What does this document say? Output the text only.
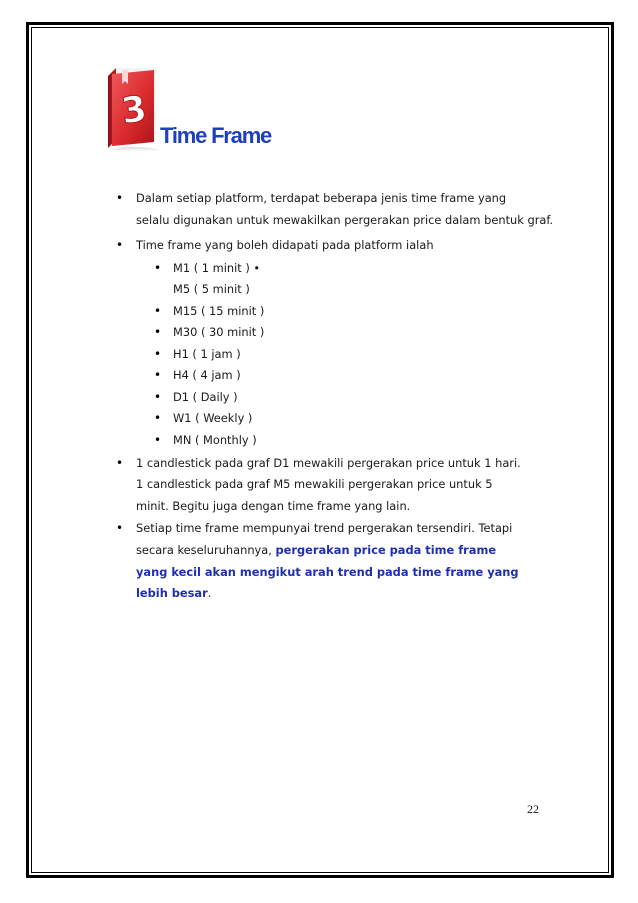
3
Time Frame
• Dalam setiap platform, terdapat beberapa jenis time frame yang
selalu digunakan untuk mewakilkan pergerakan price dalam bentuk graf.
• Time frame yang boleh didapati pada platform ialah
• M1 ( 1 minit ) •
M5 ( 5 minit )
• M15 ( 15 minit )
• M30 ( 30 minit )
• H1 ( 1 jam )
• H4 ( 4 jam )
• D1 ( Daily )
• W1 ( Weekly )
• MN ( Monthly )
• 1 candlestick pada graf D1 mewakili pergerakan price untuk 1 hari.
1 candlestick pada graf M5 mewakili pergerakan price untuk 5
minit. Begitu juga dengan time frame yang lain.
• Setiap time frame mempunyai trend pergerakan tersendiri. Tetapi
secara keseluruhannya, pergerakan price pada time frame
yang kecil akan mengikut arah trend pada time frame yang
lebih besar.
22
